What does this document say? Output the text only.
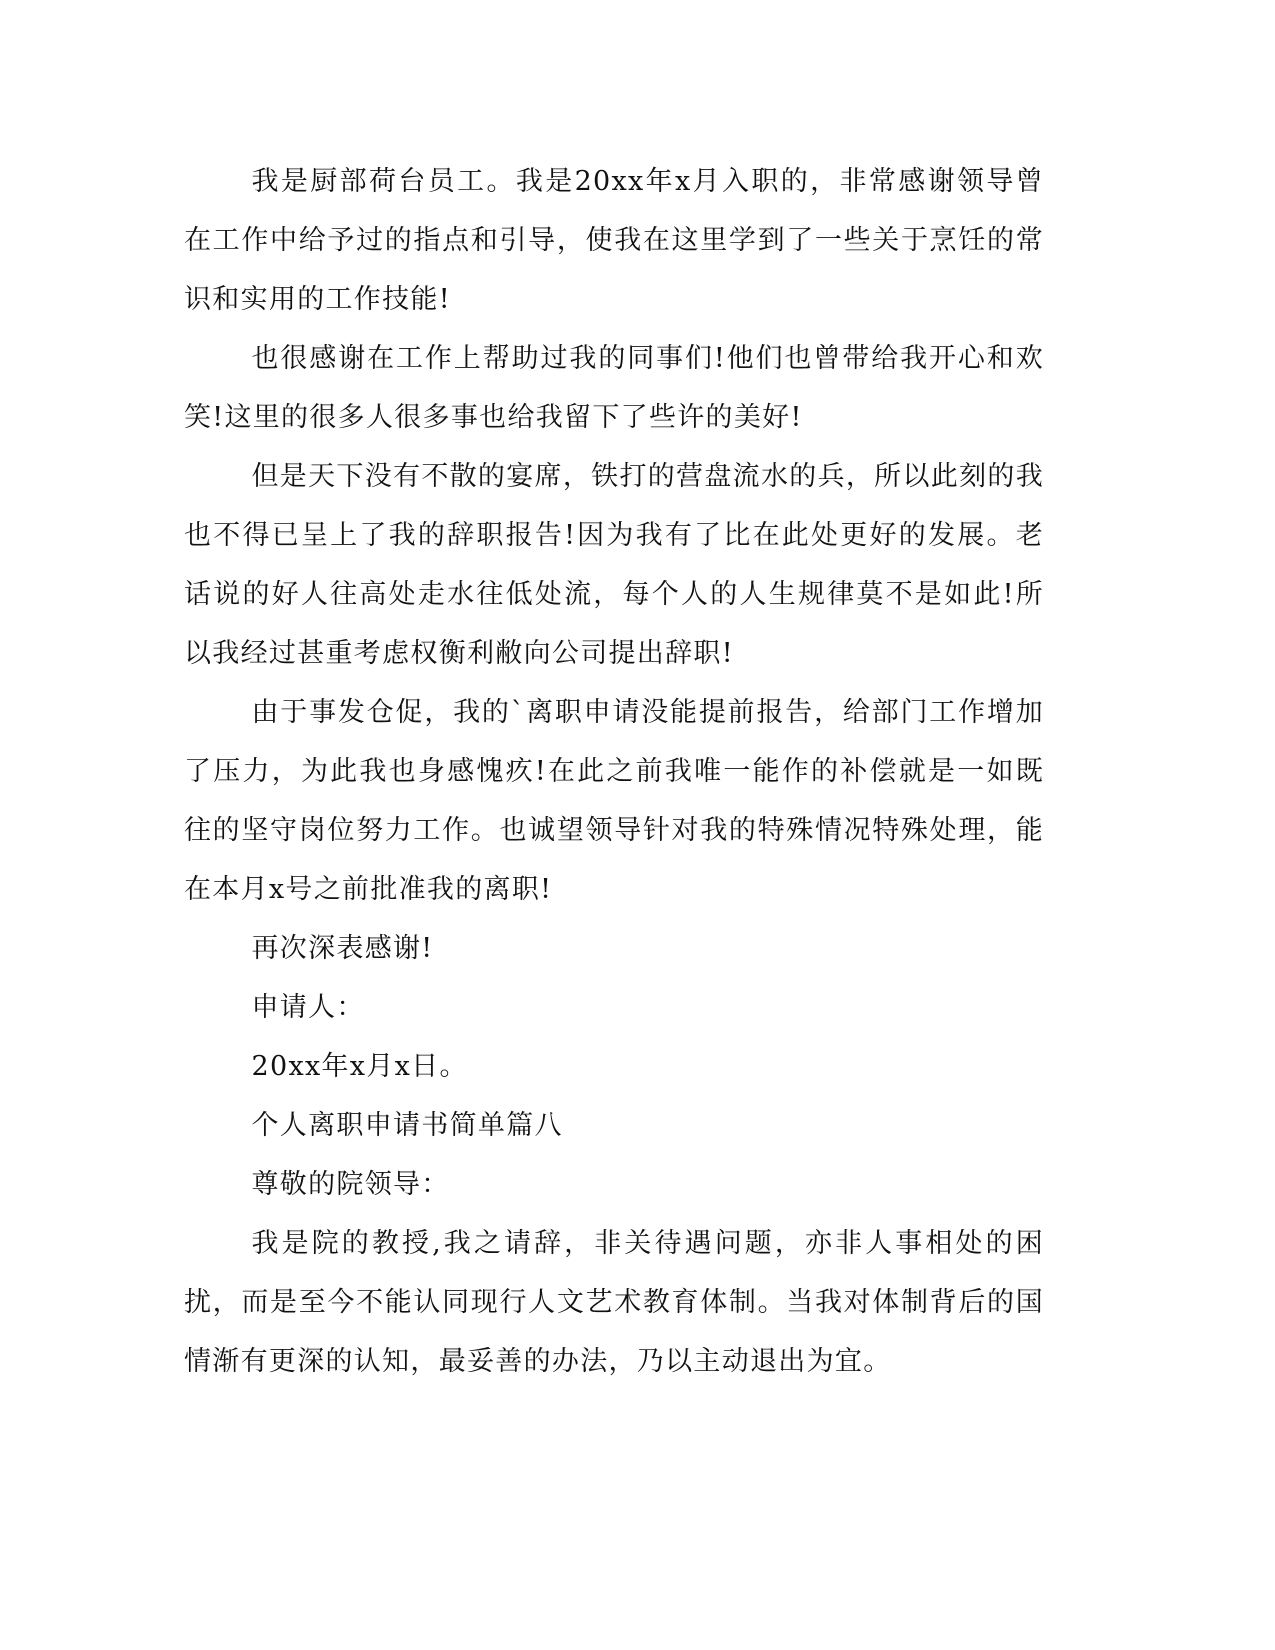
我是厨部荷台员工。我是20xx年x月入职的，非常感谢领导曾在工作中给予过的指点和引导，使我在这里学到了一些关于烹饪的常识和实用的工作技能!

也很感谢在工作上帮助过我的同事们!他们也曾带给我开心和欢笑!这里的很多人很多事也给我留下了些许的美好!

但是天下没有不散的宴席，铁打的营盘流水的兵，所以此刻的我也不得已呈上了我的辞职报告!因为我有了比在此处更好的发展。老话说的好人往高处走水往低处流，每个人的人生规律莫不是如此!所以我经过甚重考虑权衡利敝向公司提出辞职!

由于事发仓促，我的`离职申请没能提前报告，给部门工作增加了压力，为此我也身感愧疚!在此之前我唯一能作的补偿就是一如既往的坚守岗位努力工作。也诚望领导针对我的特殊情况特殊处理，能在本月x号之前批准我的离职!

再次深表感谢!

申请人：

20xx年x月x日。

个人离职申请书简单篇八

尊敬的院领导：

我是院的教授,我之请辞，非关待遇问题，亦非人事相处的困扰，而是至今不能认同现行人文艺术教育体制。当我对体制背后的国情渐有更深的认知，最妥善的办法，乃以主动退出为宜。
